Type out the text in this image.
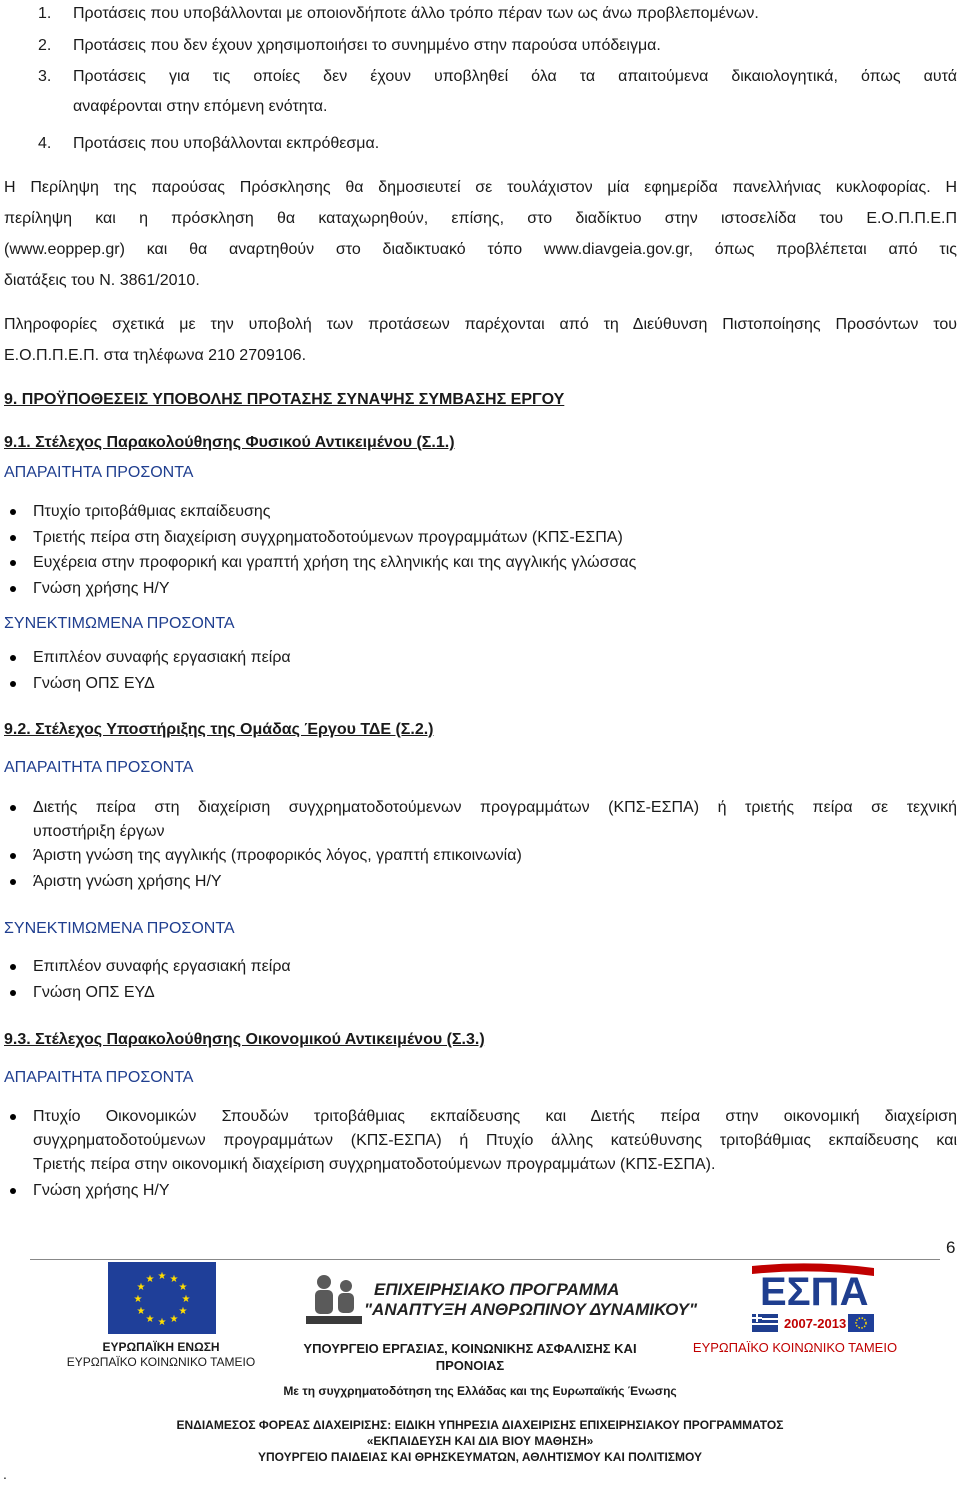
1. Προτάσεις που υποβάλλονται με οποιονδήποτε άλλο τρόπο πέραν των ως άνω προβλεπομένων.
2. Προτάσεις που δεν έχουν χρησιμοποιήσει το συνημμένο στην παρούσα υπόδειγμα.
3. Προτάσεις για τις οποίες δεν έχουν υποβληθεί όλα τα απαιτούμενα δικαιολογητικά, όπως αυτά
αναφέρονται στην επόμενη ενότητα.
4. Προτάσεις που υποβάλλονται εκπρόθεσμα.
Η Περίληψη της παρούσας Πρόσκλησης θα δημοσιευτεί σε τουλάχιστον μία εφημερίδα πανελλήνιας κυκλοφορίας. Η
περίληψη και η πρόσκληση θα καταχωρηθούν, επίσης, στο διαδίκτυο στην ιστοσελίδα του Ε.Ο.Π.Π.Ε.Π
(www.eoppep.gr) και θα αναρτηθούν στο διαδικτυακό τόπο www.diavgeia.gov.gr, όπως προβλέπεται από τις
διατάξεις του Ν. 3861/2010.
Πληροφορίες σχετικά με την υποβολή των προτάσεων παρέχονται από τη Διεύθυνση Πιστοποίησης Προσόντων του
Ε.Ο.Π.Π.Ε.Π. στα τηλέφωνα 210 2709106.
9. ΠΡΟΫΠΟΘΕΣΕΙΣ ΥΠΟΒΟΛΗΣ ΠΡΟΤΑΣΗΣ ΣΥΝΑΨΗΣ ΣΥΜΒΑΣΗΣ ΕΡΓΟΥ
9.1. Στέλεχος Παρακολούθησης Φυσικού Αντικειμένου (Σ.1.)
ΑΠΑΡΑΙΤΗΤΑ ΠΡΟΣΟΝΤΑ
Πτυχίο τριτοβάθμιας εκπαίδευσης
Τριετής πείρα στη διαχείριση συγχρηματοδοτούμενων προγραμμάτων (ΚΠΣ-ΕΣΠΑ)
Ευχέρεια στην προφορική και γραπτή χρήση της ελληνικής και της αγγλικής γλώσσας
Γνώση χρήσης Η/Υ
ΣΥΝΕΚΤΙΜΩΜΕΝΑ ΠΡΟΣΟΝΤΑ
Επιπλέον συναφής εργασιακή πείρα
Γνώση ΟΠΣ ΕΥΔ
9.2. Στέλεχος Υποστήριξης της Ομάδας Έργου ΤΔΕ (Σ.2.)
ΑΠΑΡΑΙΤΗΤΑ ΠΡΟΣΟΝΤΑ
Διετής πείρα στη διαχείριση συγχρηματοδοτούμενων προγραμμάτων (ΚΠΣ-ΕΣΠΑ) ή τριετής πείρα σε τεχνική
υποστήριξη έργων
Άριστη γνώση της αγγλικής (προφορικός λόγος, γραπτή επικοινωνία)
Άριστη γνώση χρήσης Η/Υ
ΣΥΝΕΚΤΙΜΩΜΕΝΑ ΠΡΟΣΟΝΤΑ
Επιπλέον συναφής εργασιακή πείρα
Γνώση ΟΠΣ ΕΥΔ
9.3. Στέλεχος Παρακολούθησης Οικονομικού Αντικειμένου (Σ.3.)
ΑΠΑΡΑΙΤΗΤΑ ΠΡΟΣΟΝΤΑ
Πτυχίο Οικονομικών Σπουδών τριτοβάθμιας εκπαίδευσης και Διετής πείρα στην οικονομική διαχείριση
συγχρηματοδοτούμενων προγραμμάτων (ΚΠΣ-ΕΣΠΑ) ή Πτυχίο άλλης κατεύθυνσης τριτοβάθμιας εκπαίδευσης και
Τριετής πείρα στην οικονομική διαχείριση συγχρηματοδοτούμενων προγραμμάτων (ΚΠΣ-ΕΣΠΑ).
Γνώση χρήσης Η/Υ
6
★ ★
★
★
★
★
★
★
★
★
★
★
ΕΠΙΧΕΙΡΗΣΙΑΚΟ ΠΡΟΓΡΑΜΜΑ
"ΑΝΑΠΤΥΞΗ ΑΝΘΡΩΠΙΝΟΥ ΔΥΝΑΜΙΚΟΥ" ΕΣΠΑ
2007-2013
ΕΥΡΩΠΑΪΚΗ ΕΝΩΣΗ
ΕΥΡΩΠΑΪΚΟ ΚΟΙΝΩΝΙΚΟ ΤΑΜΕΙΟ
ΥΠΟΥΡΓΕΙΟ ΕΡΓΑΣΙΑΣ, ΚΟΙΝΩΝΙΚΗΣ ΑΣΦΑΛΙΣΗΣ ΚΑΙ
ΠΡΟΝΟΙΑΣ
ΕΥΡΩΠΑΪΚΟ ΚΟΙΝΩΝΙΚΟ ΤΑΜΕΙΟ
Με τη συγχρηματοδότηση της Ελλάδας και της Ευρωπαϊκής Ένωσης
ΕΝΔΙΑΜΕΣΟΣ ΦΟΡΕΑΣ ΔΙΑΧΕΙΡΙΣΗΣ: ΕΙΔΙΚΗ ΥΠΗΡΕΣΙΑ ΔΙΑΧΕΙΡΙΣΗΣ ΕΠΙΧΕΙΡΗΣΙΑΚΟΥ ΠΡΟΓΡΑΜΜΑΤΟΣ
«ΕΚΠΑΙΔΕΥΣΗ ΚΑΙ ΔΙΑ ΒΙΟΥ ΜΑΘΗΣΗ»
ΥΠΟΥΡΓΕΙΟ ΠΑΙΔΕΙΑΣ ΚΑΙ ΘΡΗΣΚΕΥΜΑΤΩΝ, ΑΘΛΗΤΙΣΜΟΥ ΚΑΙ ΠΟΛΙΤΙΣΜΟΥ
.
